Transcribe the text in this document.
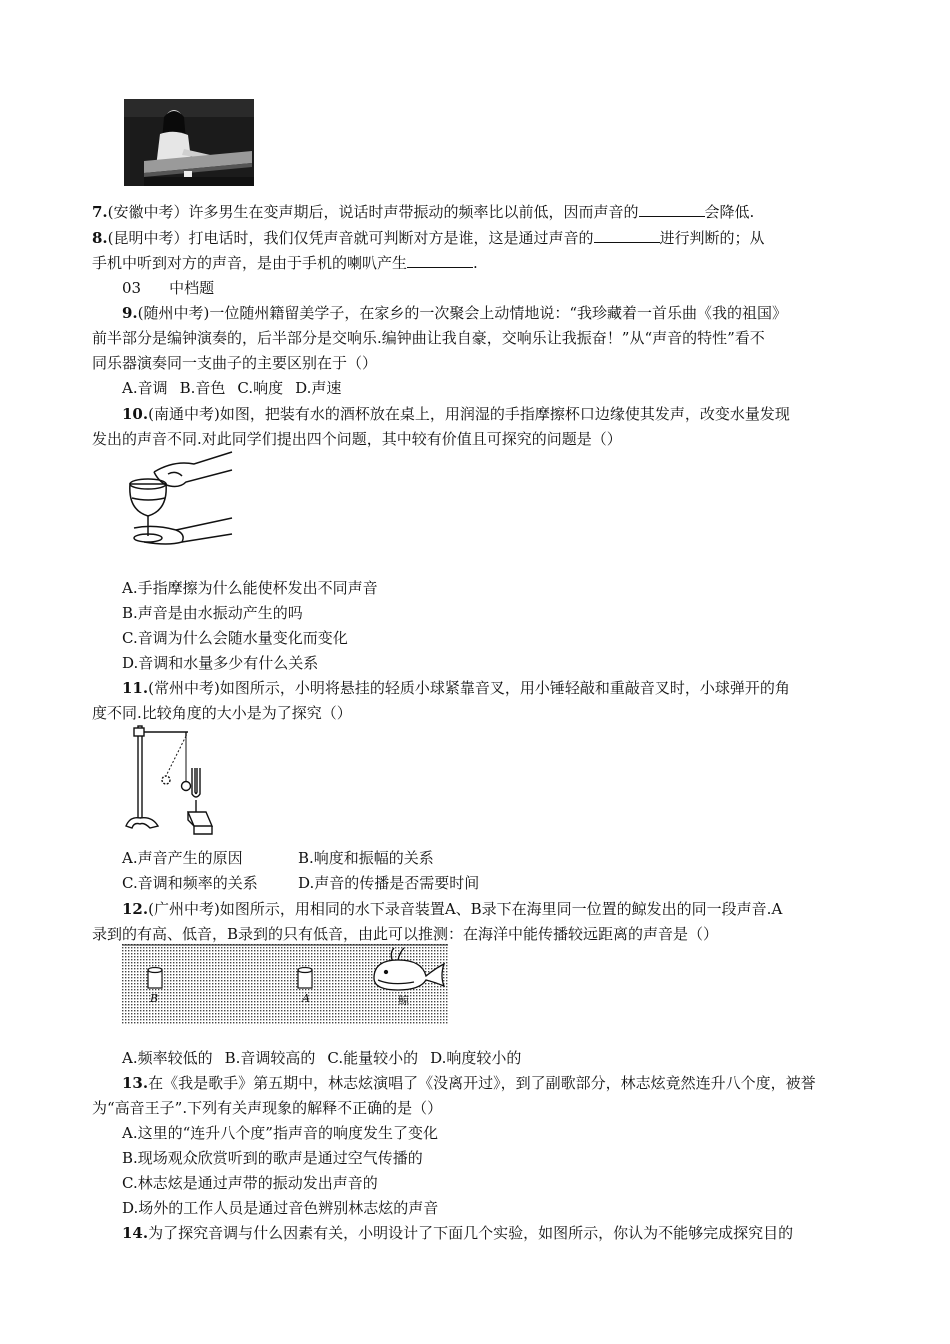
7.(安徽中考）许多男生在变声期后，说话时声带振动的频率比以前低，因而声音的	会降低.
8.(昆明中考）打电话时，我们仅凭声音就可判断对方是谁，这是通过声音的	进行判断的；从
手机中听到对方的声音，是由于手机的喇叭产生	.
03 中档题
9.(随州中考)一位随州籍留美学子，在家乡的一次聚会上动情地说：“我珍藏着一首乐曲《我的祖国》
前半部分是编钟演奏的，后半部分是交响乐.编钟曲让我自豪，交响乐让我振奋！”从“声音的特性”看不
同乐器演奏同一支曲子的主要区别在于（）
A.音调 B.音色 C.响度 D.声速
10.(南通中考)如图，把装有水的酒杯放在桌上，用润湿的手指摩擦杯口边缘使其发声，改变水量发现
发出的声音不同.对此同学们提出四个问题，其中较有价值且可探究的问题是（）
A.手指摩擦为什么能使杯发出不同声音
B.声音是由水振动产生的吗
C.音调为什么会随水量变化而变化
D.音调和水量多少有什么关系
11.(常州中考)如图所示，小明将悬挂的轻质小球紧靠音叉，用小锤轻敲和重敲音叉时，小球弹开的角
度不同.比较角度的大小是为了探究（）
A.声音产生的原因	B.响度和振幅的关系
C.音调和频率的关系	D.声音的传播是否需要时间
12.(广州中考)如图所示，用相同的水下录音装置A、B录下在海里同一位置的鲸发出的同一段声音.A
录到的有高、低音，B录到的只有低音，由此可以推测：在海洋中能传播较远距离的声音是（）
B	A	鲸
A.频率较低的 B.音调较高的 C.能量较小的 D.响度较小的
13.在《我是歌手》第五期中，林志炫演唱了《没离开过》，到了副歌部分，林志炫竟然连升八个度，被誉
为“高音王子”.下列有关声现象的解释不正确的是（）
A.这里的“连升八个度”指声音的响度发生了变化
B.现场观众欣赏听到的歌声是通过空气传播的
C.林志炫是通过声带的振动发出声音的
D.场外的工作人员是通过音色辨别林志炫的声音
14.为了探究音调与什么因素有关，小明设计了下面几个实验，如图所示，你认为不能够完成探究目的
